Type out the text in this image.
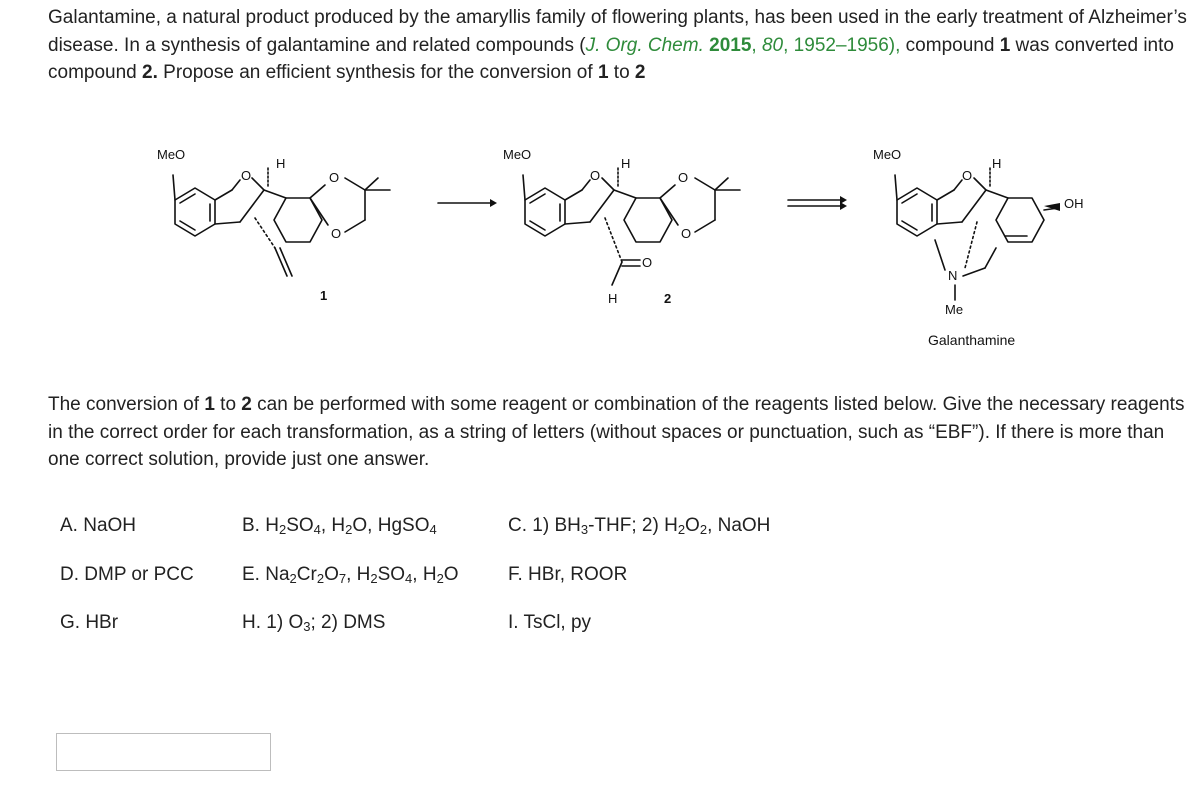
Galantamine, a natural product produced by the amaryllis family of flowering plants, has been used in the early treatment of Alzheimer’s disease. In a synthesis of galantamine and related compounds (J. Org. Chem. 2015, 80, 1952–1956), compound 1 was converted into compound 2. Propose an efficient synthesis for the conversion of 1 to 2
MeO
H
O	O
O
1
MeO
H
O	O
O
O
H	2
MeO
H
O
OH
N
Me
Galanthamine
The conversion of 1 to 2 can be performed with some reagent or combination of the reagents listed below. Give the necessary reagents in the correct order for each transformation, as a string of letters (without spaces or punctuation, such as “EBF”). If there is more than one correct solution, provide just one answer.
A. NaOH	B. $H_2SO_4$, $H_2O$, HgSO$_4$	C. 1) $BH_3$-THF; 2) $H_2O_2$, NaOH
D. DMP or PCC	E. $Na_2Cr_2O_7$, $H_2SO_4$, $H_2O$	F. HBr, ROOR
G. HBr	H. 1) $O_3$; 2) DMS	I. TsCl, py
